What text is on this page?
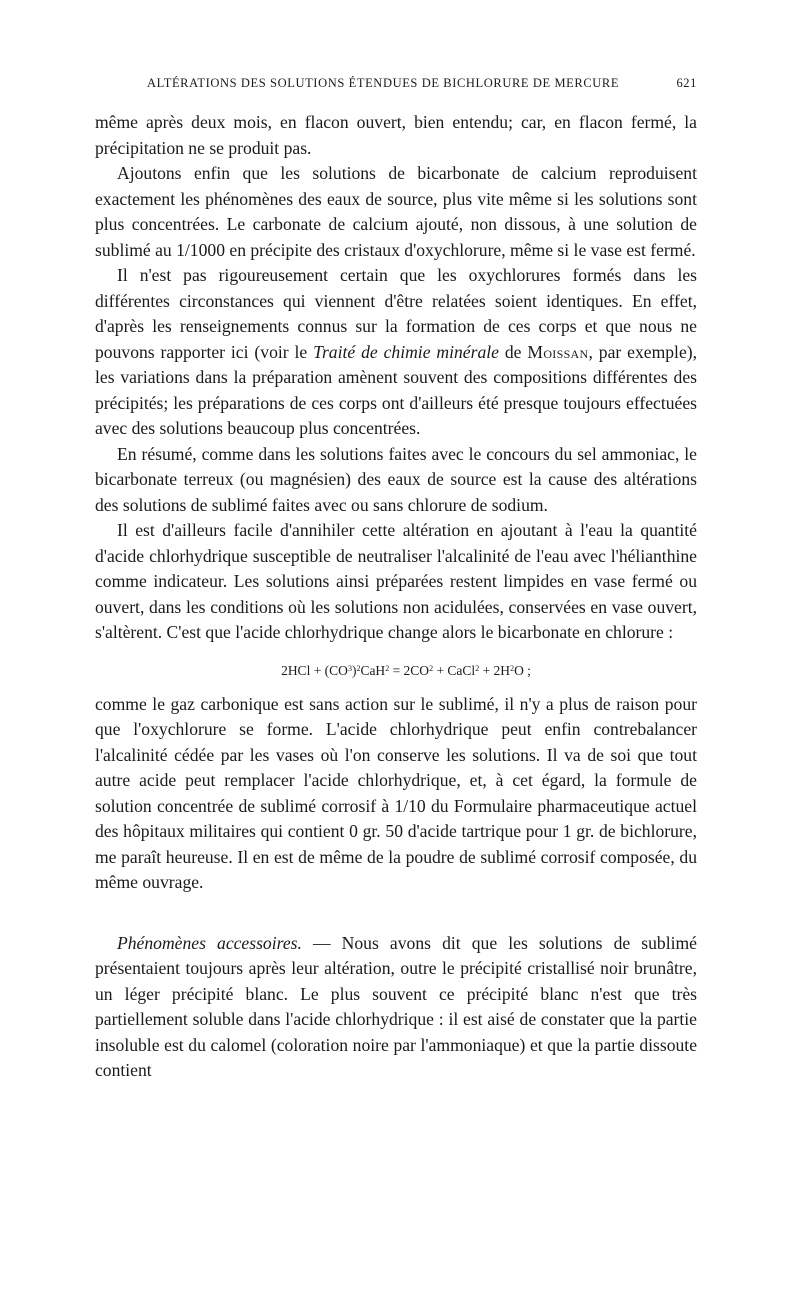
ALTÉRATIONS DES SOLUTIONS ÉTENDUES DE BICHLORURE DE MERCURE	621

même après deux mois, en flacon ouvert, bien entendu; car, en flacon fermé, la précipitation ne se produit pas.

Ajoutons enfin que les solutions de bicarbonate de calcium reproduisent exactement les phénomènes des eaux de source, plus vite même si les solutions sont plus concentrées. Le carbonate de calcium ajouté, non dissous, à une solution de sublimé au 1/1000 en précipite des cristaux d'oxychlorure, même si le vase est fermé.

Il n'est pas rigoureusement certain que les oxychlorures formés dans les différentes circonstances qui viennent d'être relatées soient identiques. En effet, d'après les renseignements connus sur la formation de ces corps et que nous ne pouvons rapporter ici (voir le Traité de chimie minérale de Moissan, par exemple), les variations dans la préparation amènent souvent des compositions différentes des précipités; les préparations de ces corps ont d'ailleurs été presque toujours effectuées avec des solutions beaucoup plus concentrées.

En résumé, comme dans les solutions faites avec le concours du sel ammoniac, le bicarbonate terreux (ou magnésien) des eaux de source est la cause des altérations des solutions de sublimé faites avec ou sans chlorure de sodium.

Il est d'ailleurs facile d'annihiler cette altération en ajoutant à l'eau la quantité d'acide chlorhydrique susceptible de neutraliser l'alcalinité de l'eau avec l'hélianthine comme indicateur. Les solutions ainsi préparées restent limpides en vase fermé ou ouvert, dans les conditions où les solutions non acidulées, conservées en vase ouvert, s'altèrent. C'est que l'acide chlorhydrique change alors le bicarbonate en chlorure :

$2HCl + (CO^3)^2CaH^2 = 2CO^2$ + CaCl$^2$ + $2H^2O$ ;

comme le gaz carbonique est sans action sur le sublimé, il n'y a plus de raison pour que l'oxychlorure se forme. L'acide chlorhydrique peut enfin contrebalancer l'alcalinité cédée par les vases où l'on conserve les solutions. Il va de soi que tout autre acide peut remplacer l'acide chlorhydrique, et, à cet égard, la formule de solution concentrée de sublimé corrosif à 1/10 du Formulaire pharmaceutique actuel des hôpitaux militaires qui contient 0 gr. 50 d'acide tartrique pour 1 gr. de bichlorure, me paraît heureuse. Il en est de même de la poudre de sublimé corrosif composée, du même ouvrage.

Phénomènes accessoires. — Nous avons dit que les solutions de sublimé présentaient toujours après leur altération, outre le précipité cristallisé noir brunâtre, un léger précipité blanc. Le plus souvent ce précipité blanc n'est que très partiellement soluble dans l'acide chlorhydrique : il est aisé de constater que la partie insoluble est du calomel (coloration noire par l'ammoniaque) et que la partie dissoute contient
